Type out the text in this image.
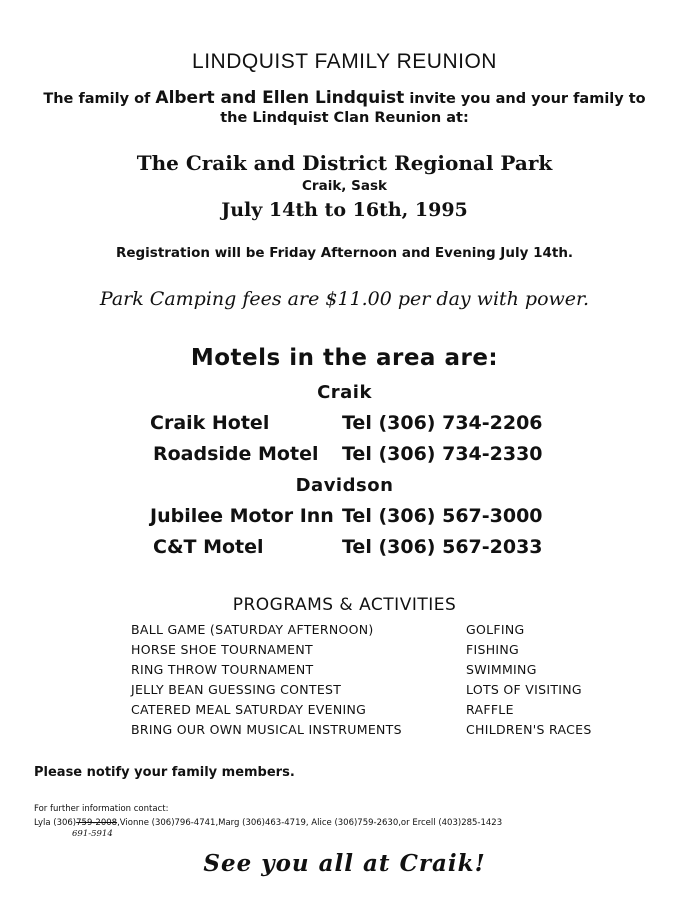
LINDQUIST FAMILY REUNION
The family of Albert and Ellen Lindquist invite you and your family to
the Lindquist Clan Reunion at:
The Craik and District Regional Park
Craik, Sask
July 14th to 16th, 1995
Registration will be Friday Afternoon and Evening July 14th.
Park Camping fees are $11.00 per day with power.
Motels in the area are:
Craik
Craik Hotel	Tel (306) 734-2206
Roadside Motel Tel (306) 734-2330
Davidson
Jubilee Motor Inn Tel (306) 567-3000
C&T Motel	Tel (306) 567-2033
PROGRAMS & ACTIVITIES
BALL GAME (SATURDAY AFTERNOON)
HORSE SHOE TOURNAMENT
RING THROW TOURNAMENT
JELLY BEAN GUESSING CONTEST
CATERED MEAL SATURDAY EVENING
BRING OUR OWN MUSICAL INSTRUMENTS
GOLFING
FISHING
SWIMMING
LOTS OF VISITING
RAFFLE
CHILDREN'S RACES
Please notify your family members.
For further information contact:
Lyla (306)759-2008,Vionne (306)796-4741,Marg (306)463-4719, Alice (306)759-2630,or Ercell (403)285-1423
691-5914
See you all at Craik!
